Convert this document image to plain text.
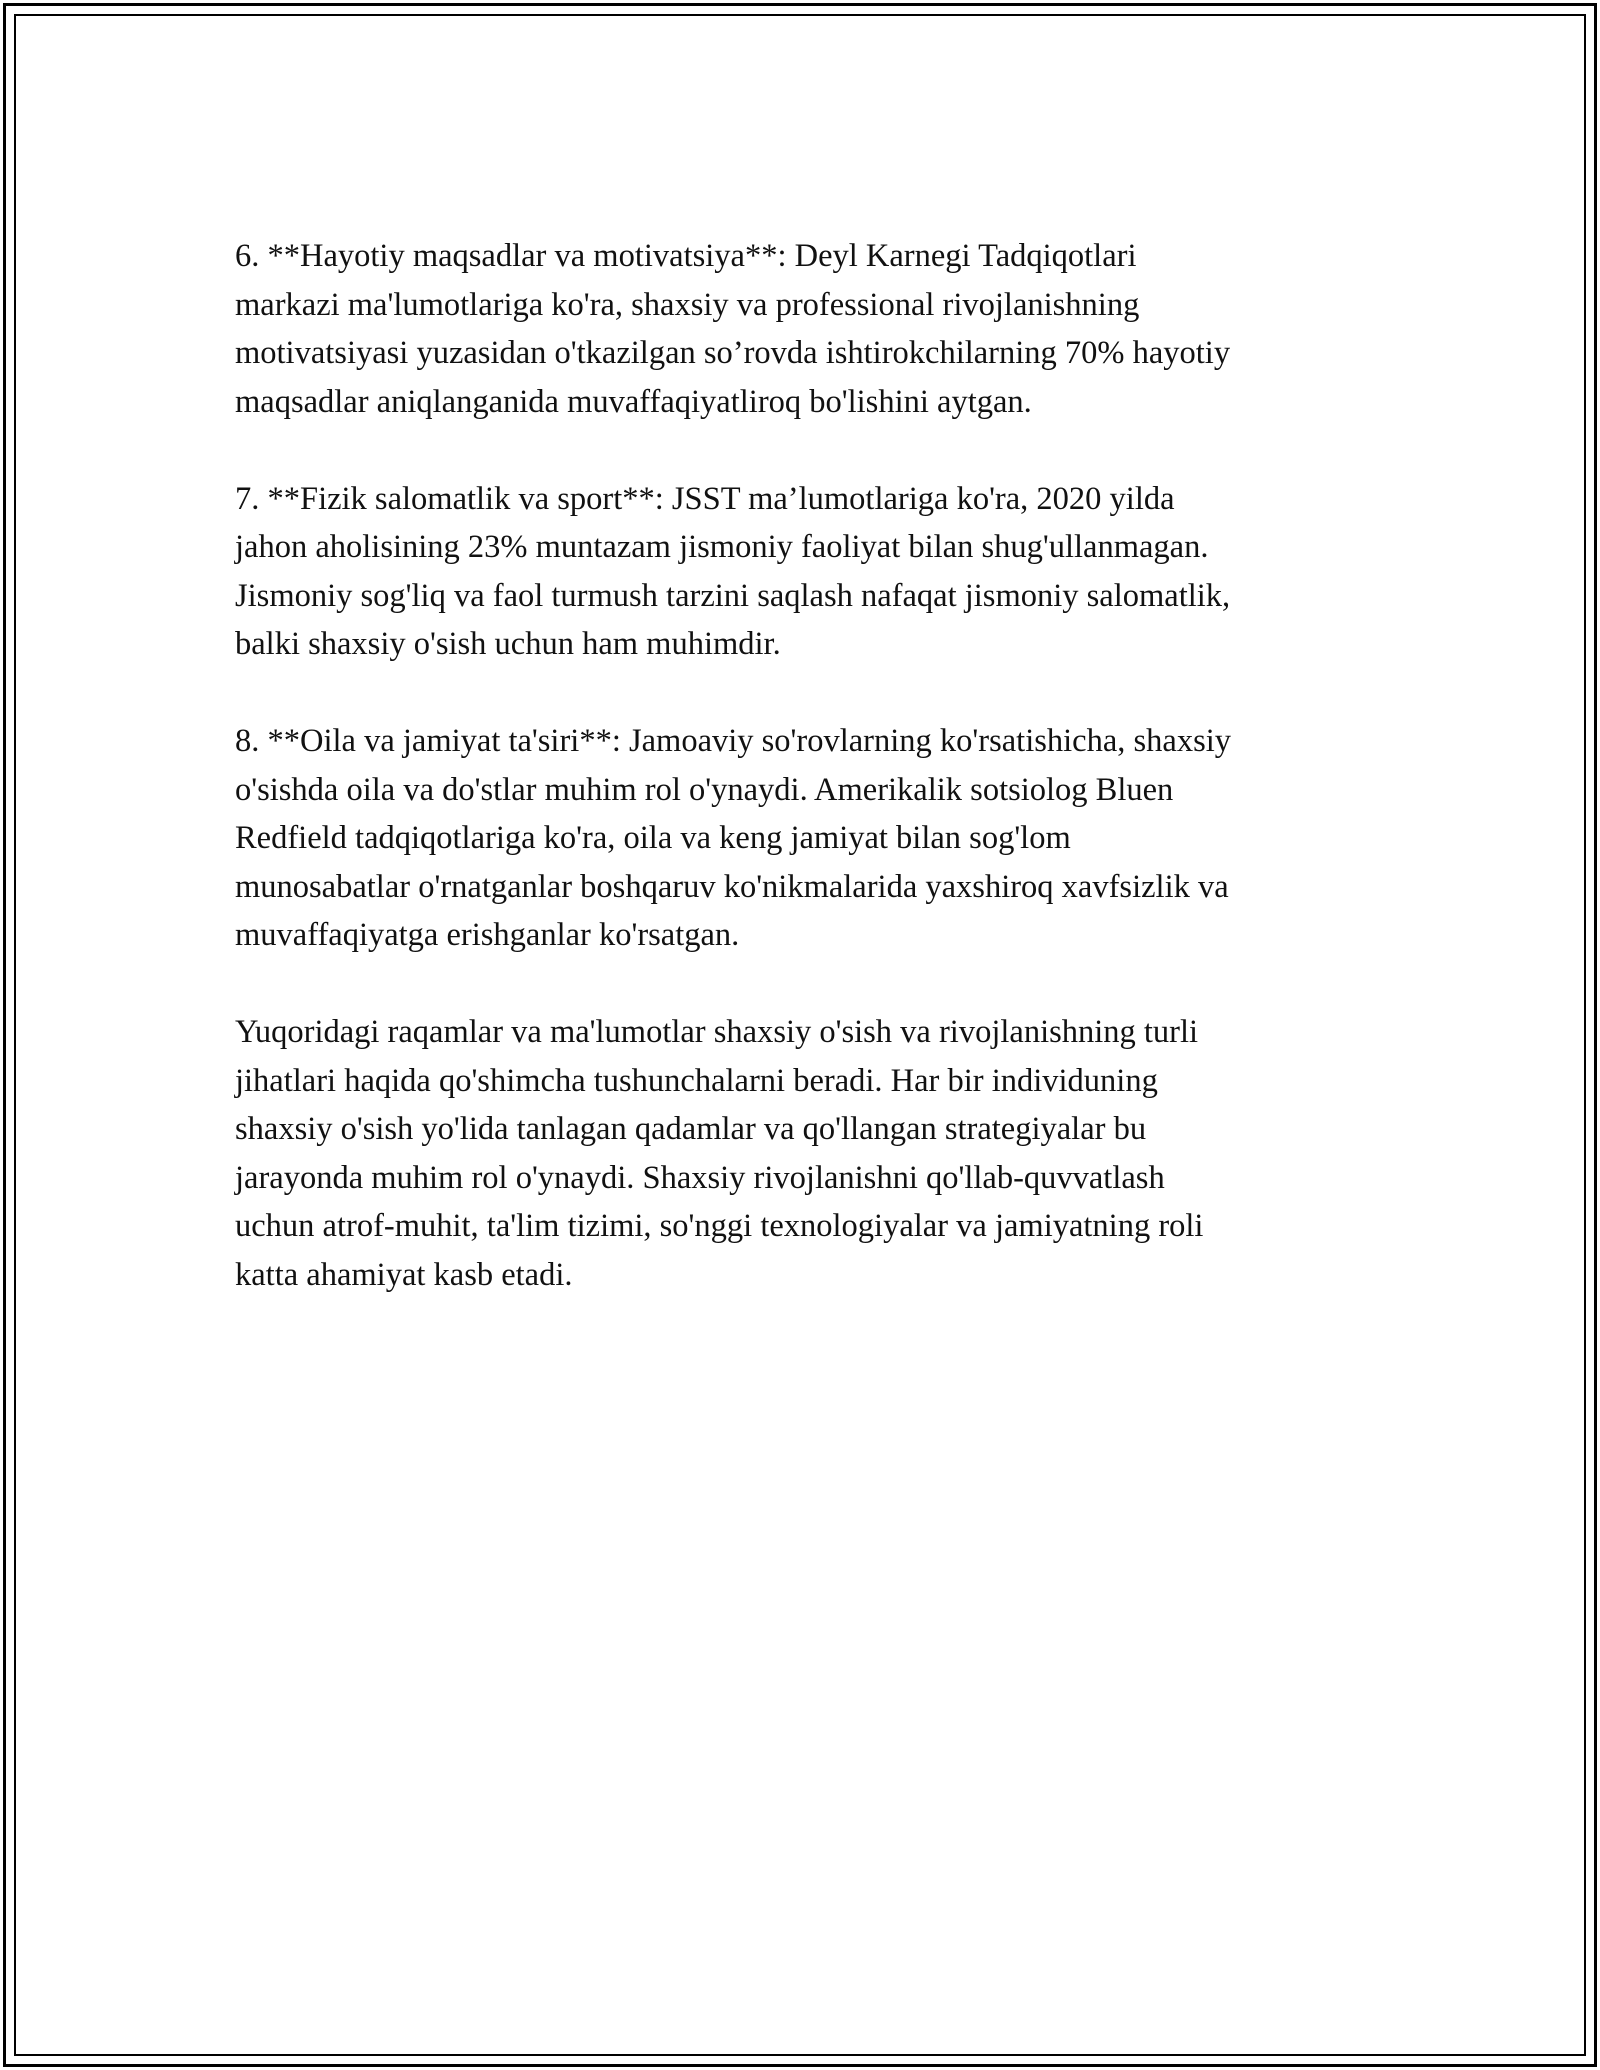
6. **Hayotiy maqsadlar va motivatsiya**: Deyl Karnegi Tadqiqotlari
markazi ma'lumotlariga ko'ra, shaxsiy va professional rivojlanishning
motivatsiyasi yuzasidan o'tkazilgan so’rovda ishtirokchilarning 70% hayotiy
maqsadlar aniqlanganida muvaffaqiyatliroq bo'lishini aytgan.

7. **Fizik salomatlik va sport**: JSST ma’lumotlariga ko'ra, 2020 yilda
jahon aholisining 23% muntazam jismoniy faoliyat bilan shug'ullanmagan.
Jismoniy sog'liq va faol turmush tarzini saqlash nafaqat jismoniy salomatlik,
balki shaxsiy o'sish uchun ham muhimdir.

8. **Oila va jamiyat ta'siri**: Jamoaviy so'rovlarning ko'rsatishicha, shaxsiy
o'sishda oila va do'stlar muhim rol o'ynaydi. Amerikalik sotsiolog Bluen
Redfield tadqiqotlariga ko'ra, oila va keng jamiyat bilan sog'lom
munosabatlar o'rnatganlar boshqaruv ko'nikmalarida yaxshiroq xavfsizlik va
muvaffaqiyatga erishganlar ko'rsatgan.

Yuqoridagi raqamlar va ma'lumotlar shaxsiy o'sish va rivojlanishning turli
jihatlari haqida qo'shimcha tushunchalarni beradi. Har bir individuning
shaxsiy o'sish yo'lida tanlagan qadamlar va qo'llangan strategiyalar bu
jarayonda muhim rol o'ynaydi. Shaxsiy rivojlanishni qo'llab-quvvatlash
uchun atrof-muhit, ta'lim tizimi, so'nggi texnologiyalar va jamiyatning roli
katta ahamiyat kasb etadi.
